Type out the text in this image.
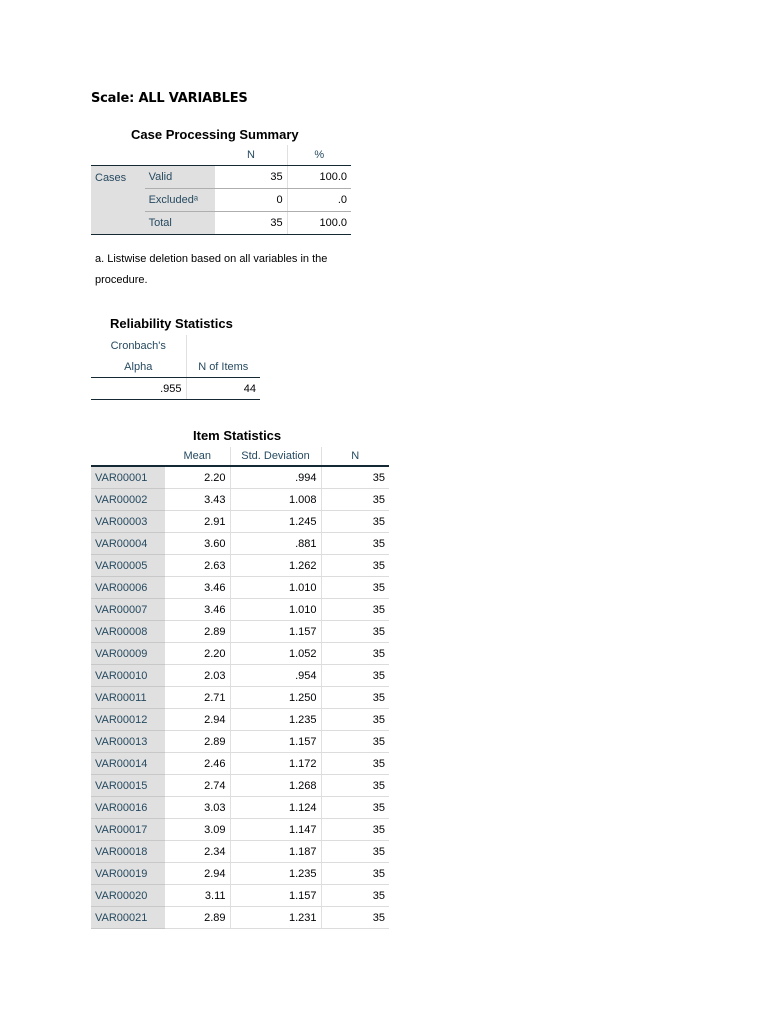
Scale: ALL VARIABLES
Case Processing Summary
		N	%
Cases	Valid	35	100.0
	Excludedᵃ	0	.0
	Total	35	100.0
a. Listwise deletion based on all variables in the procedure.
Reliability Statistics
Cronbach's	
Alpha	N of Items
.955	44
Item Statistics
	Mean	Std. Deviation	N
VAR00001	2.20	.994	35
VAR00002	3.43	1.008	35
VAR00003	2.91	1.245	35
VAR00004	3.60	.881	35
VAR00005	2.63	1.262	35
VAR00006	3.46	1.010	35
VAR00007	3.46	1.010	35
VAR00008	2.89	1.157	35
VAR00009	2.20	1.052	35
VAR00010	2.03	.954	35
VAR00011	2.71	1.250	35
VAR00012	2.94	1.235	35
VAR00013	2.89	1.157	35
VAR00014	2.46	1.172	35
VAR00015	2.74	1.268	35
VAR00016	3.03	1.124	35
VAR00017	3.09	1.147	35
VAR00018	2.34	1.187	35
VAR00019	2.94	1.235	35
VAR00020	3.11	1.157	35
VAR00021	2.89	1.231	35
